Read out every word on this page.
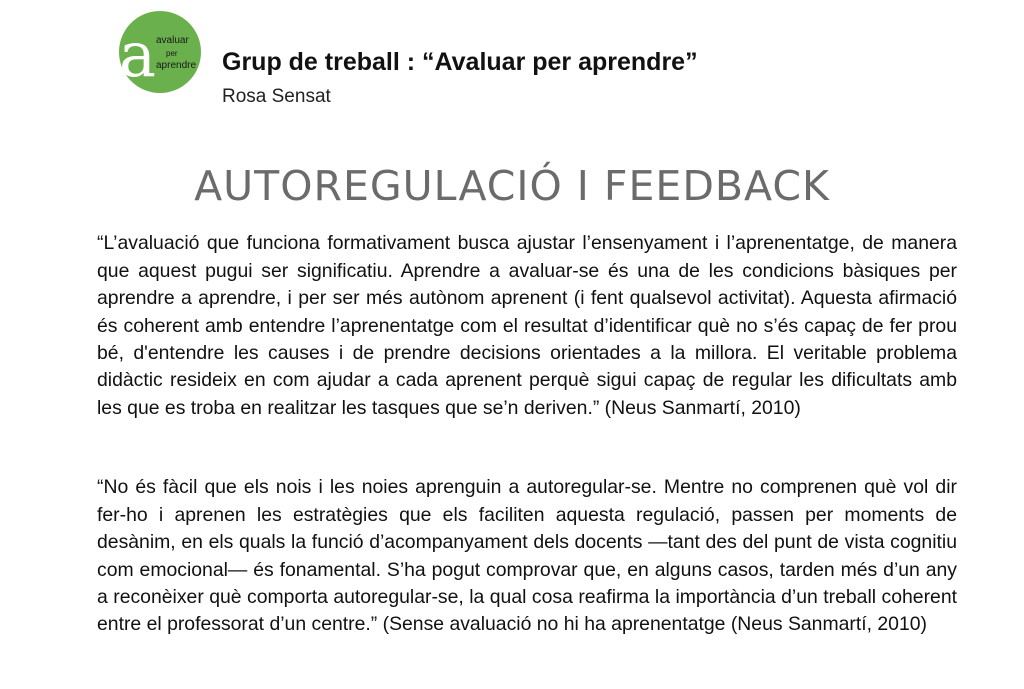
a avaluar
per
aprendre Grup de treball : “Avaluar per aprendre”
Rosa Sensat
AUTOREGULACIÓ I FEEDBACK

“L’avaluació que funciona formativament busca ajustar l’ensenyament i l’aprenentatge, de manera que aquest pugui ser significatiu. Aprendre a avaluar-se és una de les condicions bàsiques per aprendre a aprendre, i per ser més autònom aprenent (i fent qualsevol activitat). Aquesta afirmació és coherent amb entendre l’aprenentatge com el resultat d’identificar què no s’és capaç de fer prou bé, d'entendre les causes i de prendre decisions orientades a la millora. El veritable problema didàctic resideix en com ajudar a cada aprenent perquè sigui capaç de regular les dificultats amb les que es troba en realitzar les tasques que se’n deriven.” (Neus Sanmartí, 2010)

“No és fàcil que els nois i les noies aprenguin a autoregular-se. Mentre no comprenen què vol dir fer-ho i aprenen les estratègies que els faciliten aquesta regulació, passen per moments de desànim, en els quals la funció d’acompanyament dels docents —tant des del punt de vista cognitiu com emocional— és fonamental. S’ha pogut comprovar que, en alguns casos, tarden més d’un any a reconèixer què comporta autoregular-se, la qual cosa reafirma la importància d’un treball coherent entre el professorat d’un centre.” (Sense avaluació no hi ha aprenentatge (Neus Sanmartí, 2010)
